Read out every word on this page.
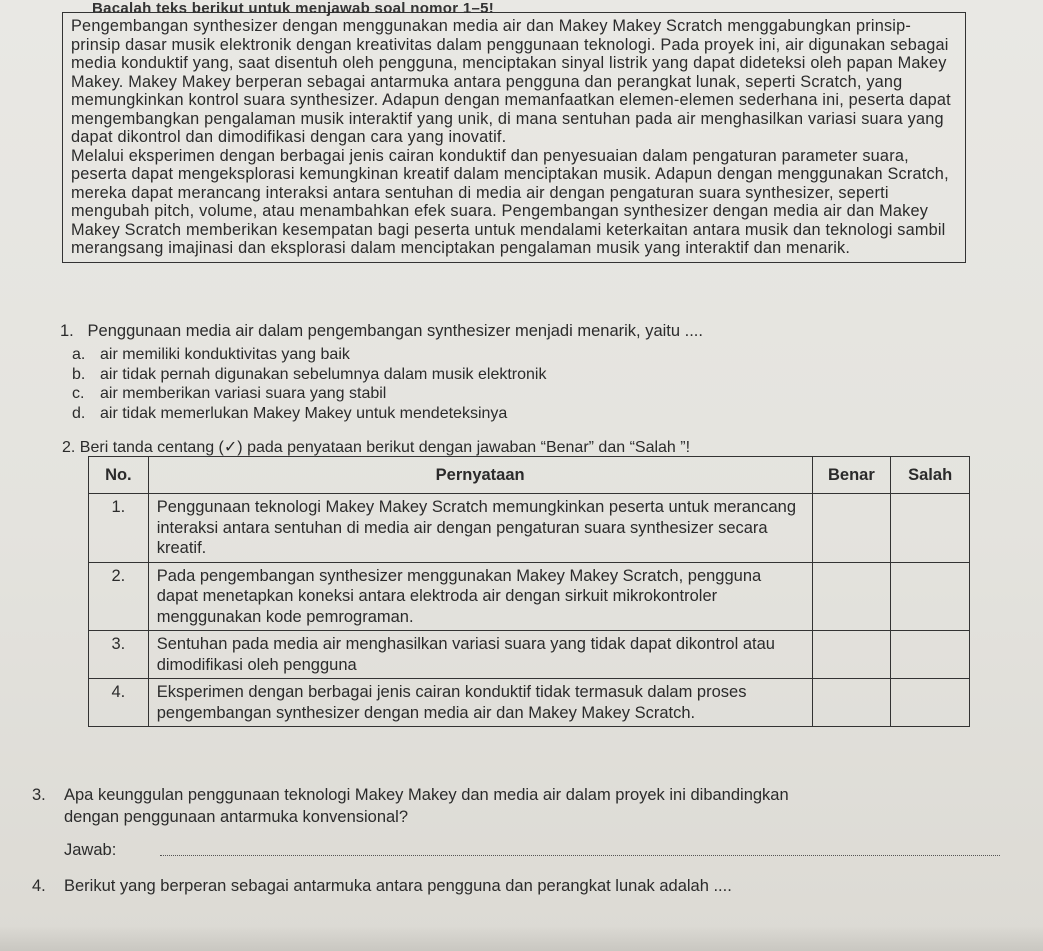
Bacalah teks berikut untuk menjawab soal nomor 1–5!

Pengembangan synthesizer dengan menggunakan media air dan Makey Makey Scratch menggabungkan prinsip-prinsip dasar musik elektronik dengan kreativitas dalam penggunaan teknologi. Pada proyek ini, air digunakan sebagai media konduktif yang, saat disentuh oleh pengguna, menciptakan sinyal listrik yang dapat dideteksi oleh papan Makey Makey. Makey Makey berperan sebagai antarmuka antara pengguna dan perangkat lunak, seperti Scratch, yang memungkinkan kontrol suara synthesizer. Adapun dengan memanfaatkan elemen-elemen sederhana ini, peserta dapat mengembangkan pengalaman musik interaktif yang unik, di mana sentuhan pada air menghasilkan variasi suara yang dapat dikontrol dan dimodifikasi dengan cara yang inovatif.

Melalui eksperimen dengan berbagai jenis cairan konduktif dan penyesuaian dalam pengaturan parameter suara, peserta dapat mengeksplorasi kemungkinan kreatif dalam menciptakan musik. Adapun dengan menggunakan Scratch, mereka dapat merancang interaksi antara sentuhan di media air dengan pengaturan suara synthesizer, seperti mengubah pitch, volume, atau menambahkan efek suara. Pengembangan synthesizer dengan media air dan Makey Makey Scratch memberikan kesempatan bagi peserta untuk mendalami keterkaitan antara musik dan teknologi sambil merangsang imajinasi dan eksplorasi dalam menciptakan pengalaman musik yang interaktif dan menarik.

1. Penggunaan media air dalam pengembangan synthesizer menjadi menarik, yaitu ....
a. air memiliki konduktivitas yang baik
b. air tidak pernah digunakan sebelumnya dalam musik elektronik
c. air memberikan variasi suara yang stabil
d. air tidak memerlukan Makey Makey untuk mendeteksinya
2. Beri tanda centang (✓) pada penyataan berikut dengan jawaban “Benar” dan “Salah ”!
No.	Pernyataan	Benar	Salah
1.	Penggunaan teknologi Makey Makey Scratch memungkinkan peserta untuk merancang interaksi antara sentuhan di media air dengan pengaturan suara synthesizer secara kreatif.		
2.	Pada pengembangan synthesizer menggunakan Makey Makey Scratch, pengguna dapat menetapkan koneksi antara elektroda air dengan sirkuit mikrokontroler menggunakan kode pemrograman.		
3.	Sentuhan pada media air menghasilkan variasi suara yang tidak dapat dikontrol atau dimodifikasi oleh pengguna		
4.	Eksperimen dengan berbagai jenis cairan konduktif tidak termasuk dalam proses pengembangan synthesizer dengan media air dan Makey Makey Scratch.		
3. Apa keunggulan penggunaan teknologi Makey Makey dan media air dalam proyek ini dibandingkan
dengan penggunaan antarmuka konvensional?
Jawab:
4. Berikut yang berperan sebagai antarmuka antara pengguna dan perangkat lunak adalah ....
